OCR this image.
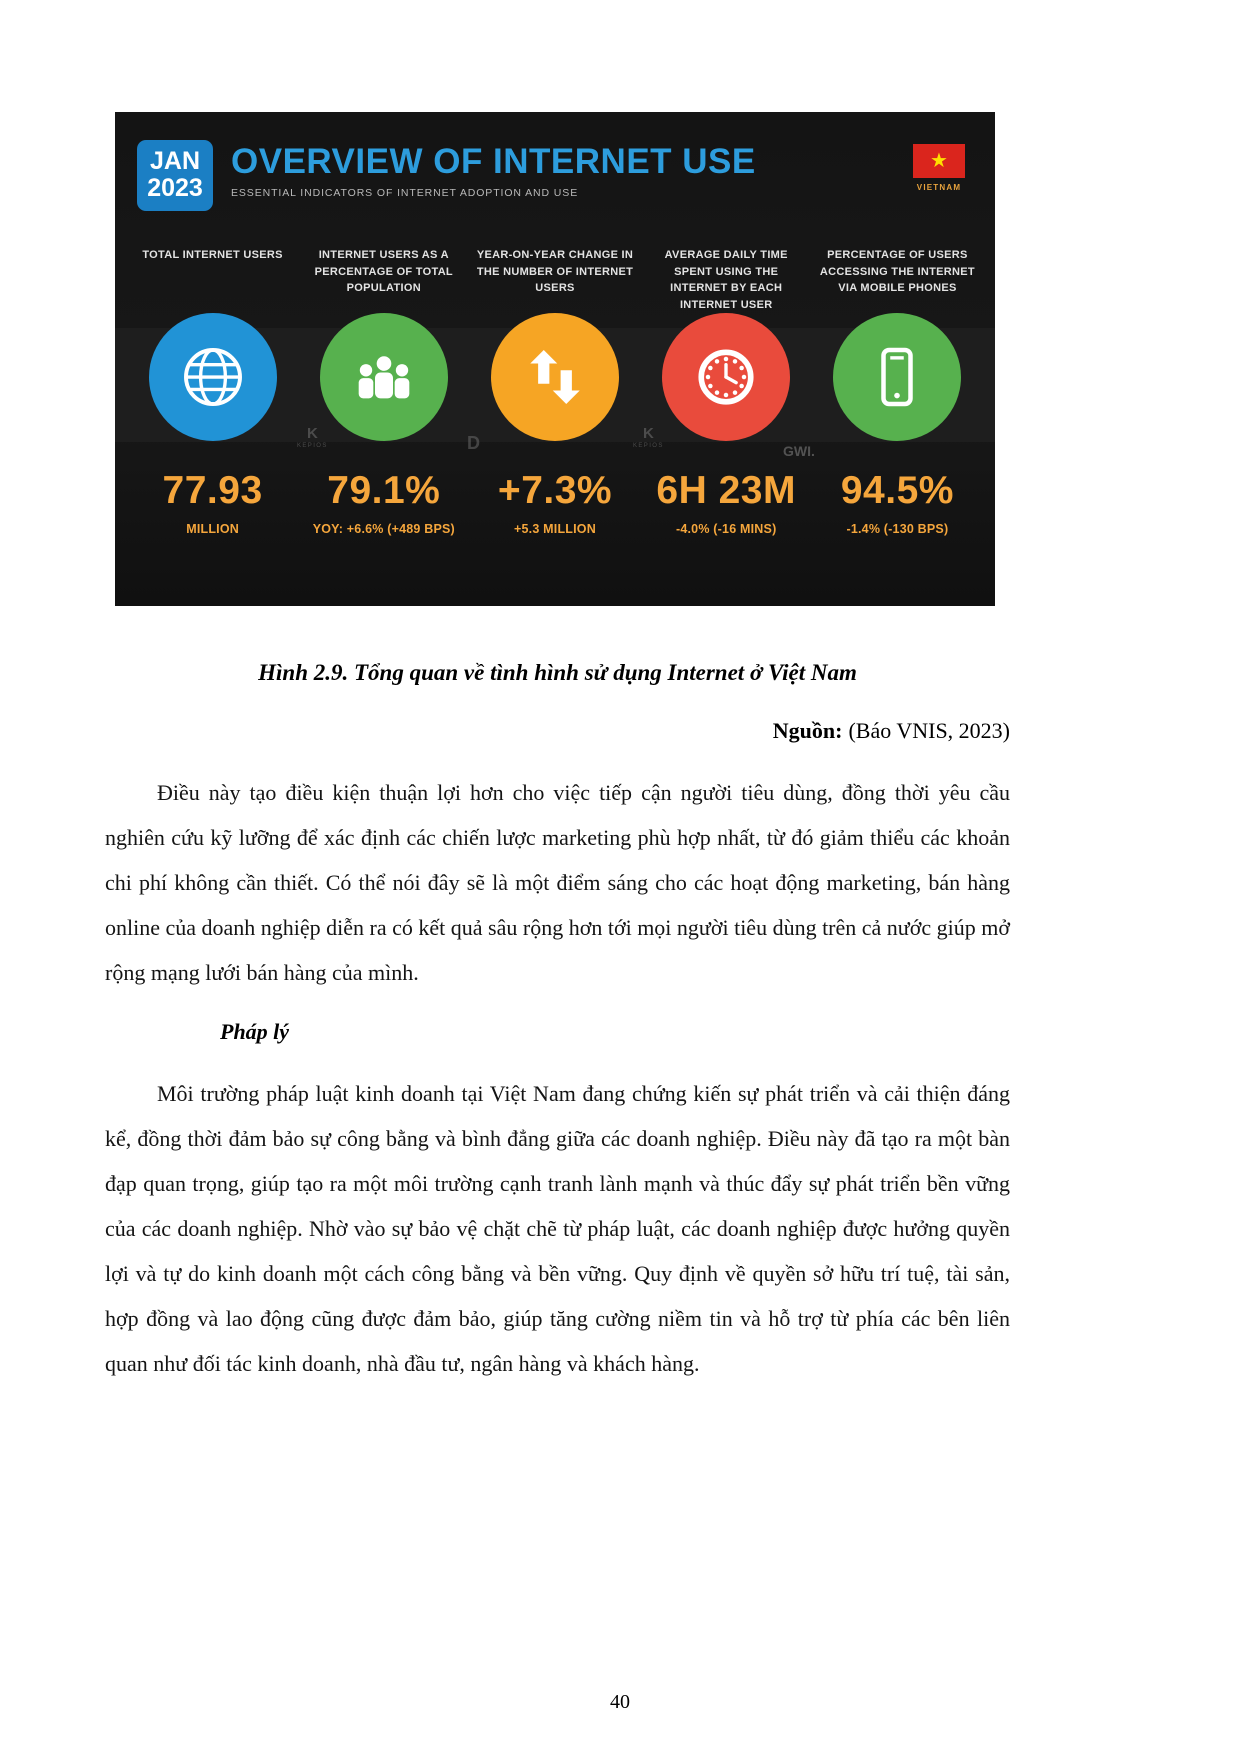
JAN
2023
OVERVIEW OF INTERNET USE
ESSENTIAL INDICATORS OF INTERNET ADOPTION AND USE
★
VIETNAM
TOTAL INTERNET USERS
77.93
MILLION
INTERNET USERS AS A PERCENTAGE OF TOTAL POPULATION
79.1%
YOY: +6.6% (+489 BPS)
YEAR-ON-YEAR CHANGE IN THE NUMBER OF INTERNET USERS
+7.3%
+5.3 MILLION
AVERAGE DAILY TIME SPENT USING THE INTERNET BY EACH INTERNET USER
6H 23M
-4.0% (-16 MINS)
PERCENTAGE OF USERS ACCESSING THE INTERNET VIA MOBILE PHONES
94.5%
-1.4% (-130 BPS)
K
KEPIOS	D	K
KEPIOS	GWI.
Hình 2.9. Tổng quan về tình hình sử dụng Internet ở Việt Nam
Nguồn: (Báo VNIS, 2023)

Điều này tạo điều kiện thuận lợi hơn cho việc tiếp cận người tiêu dùng, đồng thời yêu cầu nghiên cứu kỹ lưỡng để xác định các chiến lược marketing phù hợp nhất, từ đó giảm thiểu các khoản chi phí không cần thiết. Có thể nói đây sẽ là một điểm sáng cho các hoạt động marketing, bán hàng online của doanh nghiệp diễn ra có kết quả sâu rộng hơn tới mọi người tiêu dùng trên cả nước giúp mở rộng mạng lưới bán hàng của mình.

Pháp lý

Môi trường pháp luật kinh doanh tại Việt Nam đang chứng kiến sự phát triển và cải thiện đáng kể, đồng thời đảm bảo sự công bằng và bình đẳng giữa các doanh nghiệp. Điều này đã tạo ra một bàn đạp quan trọng, giúp tạo ra một môi trường cạnh tranh lành mạnh và thúc đẩy sự phát triển bền vững của các doanh nghiệp. Nhờ vào sự bảo vệ chặt chẽ từ pháp luật, các doanh nghiệp được hưởng quyền lợi và tự do kinh doanh một cách công bằng và bền vững. Quy định về quyền sở hữu trí tuệ, tài sản, hợp đồng và lao động cũng được đảm bảo, giúp tăng cường niềm tin và hỗ trợ từ phía các bên liên quan như đối tác kinh doanh, nhà đầu tư, ngân hàng và khách hàng.

40
